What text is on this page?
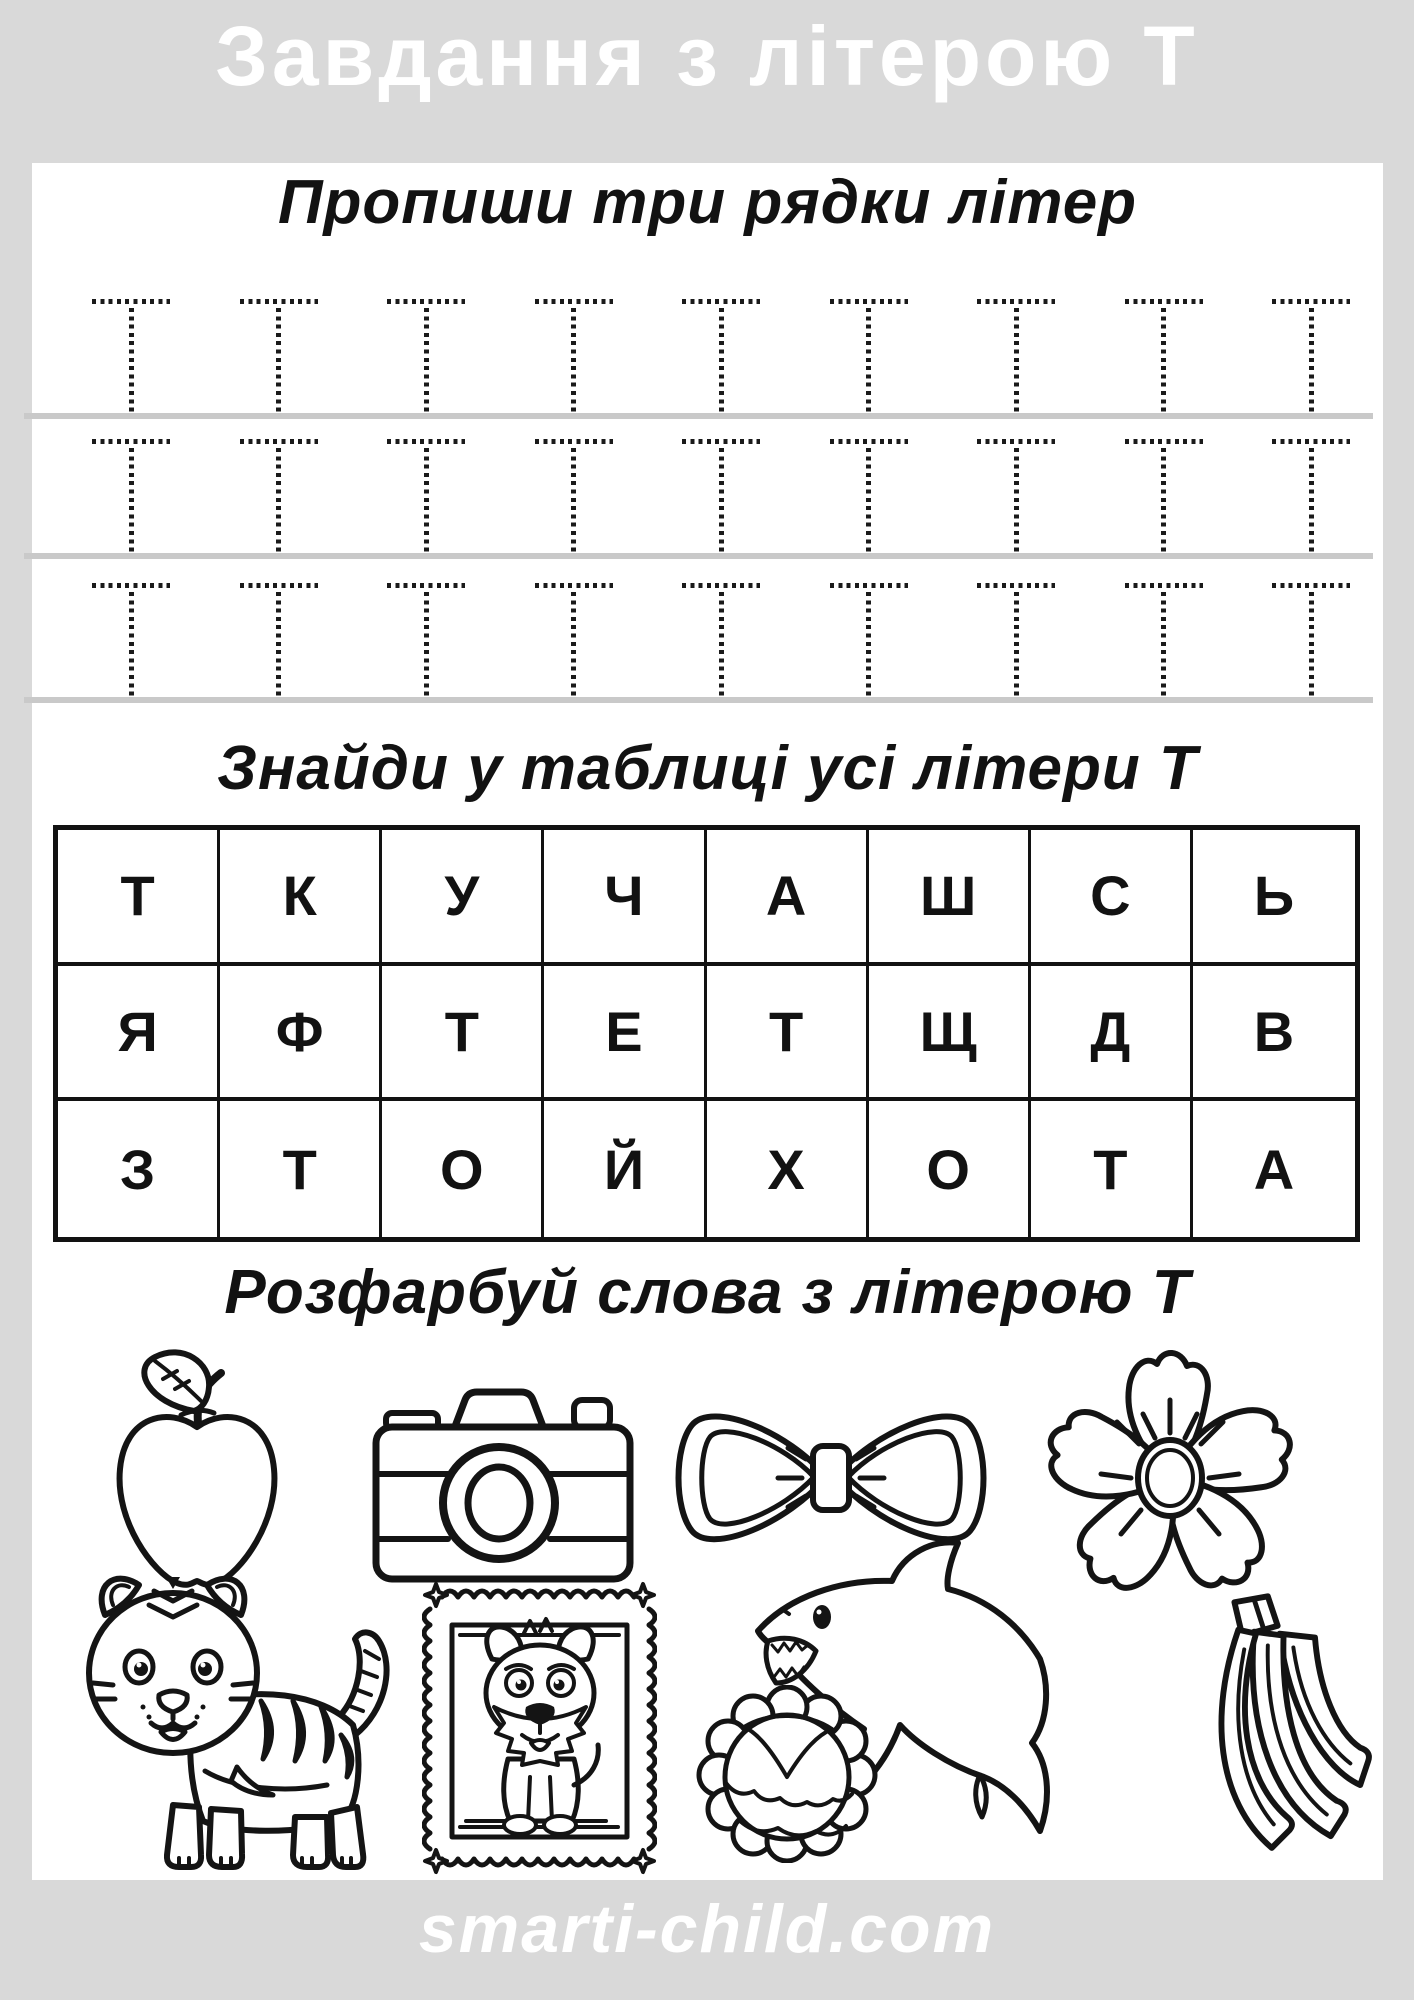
Завдання з літерою Т
Пропиши три рядки літер
Знайди у таблиці усі літери Т
Т	К	У	Ч	А	Ш	С	Ь
Я	Ф	Т	Е	Т	Щ	Д	В
З	Т	О	Й	Х	О	Т	А
Розфарбуй слова з літерою Т
smarti-child.com
